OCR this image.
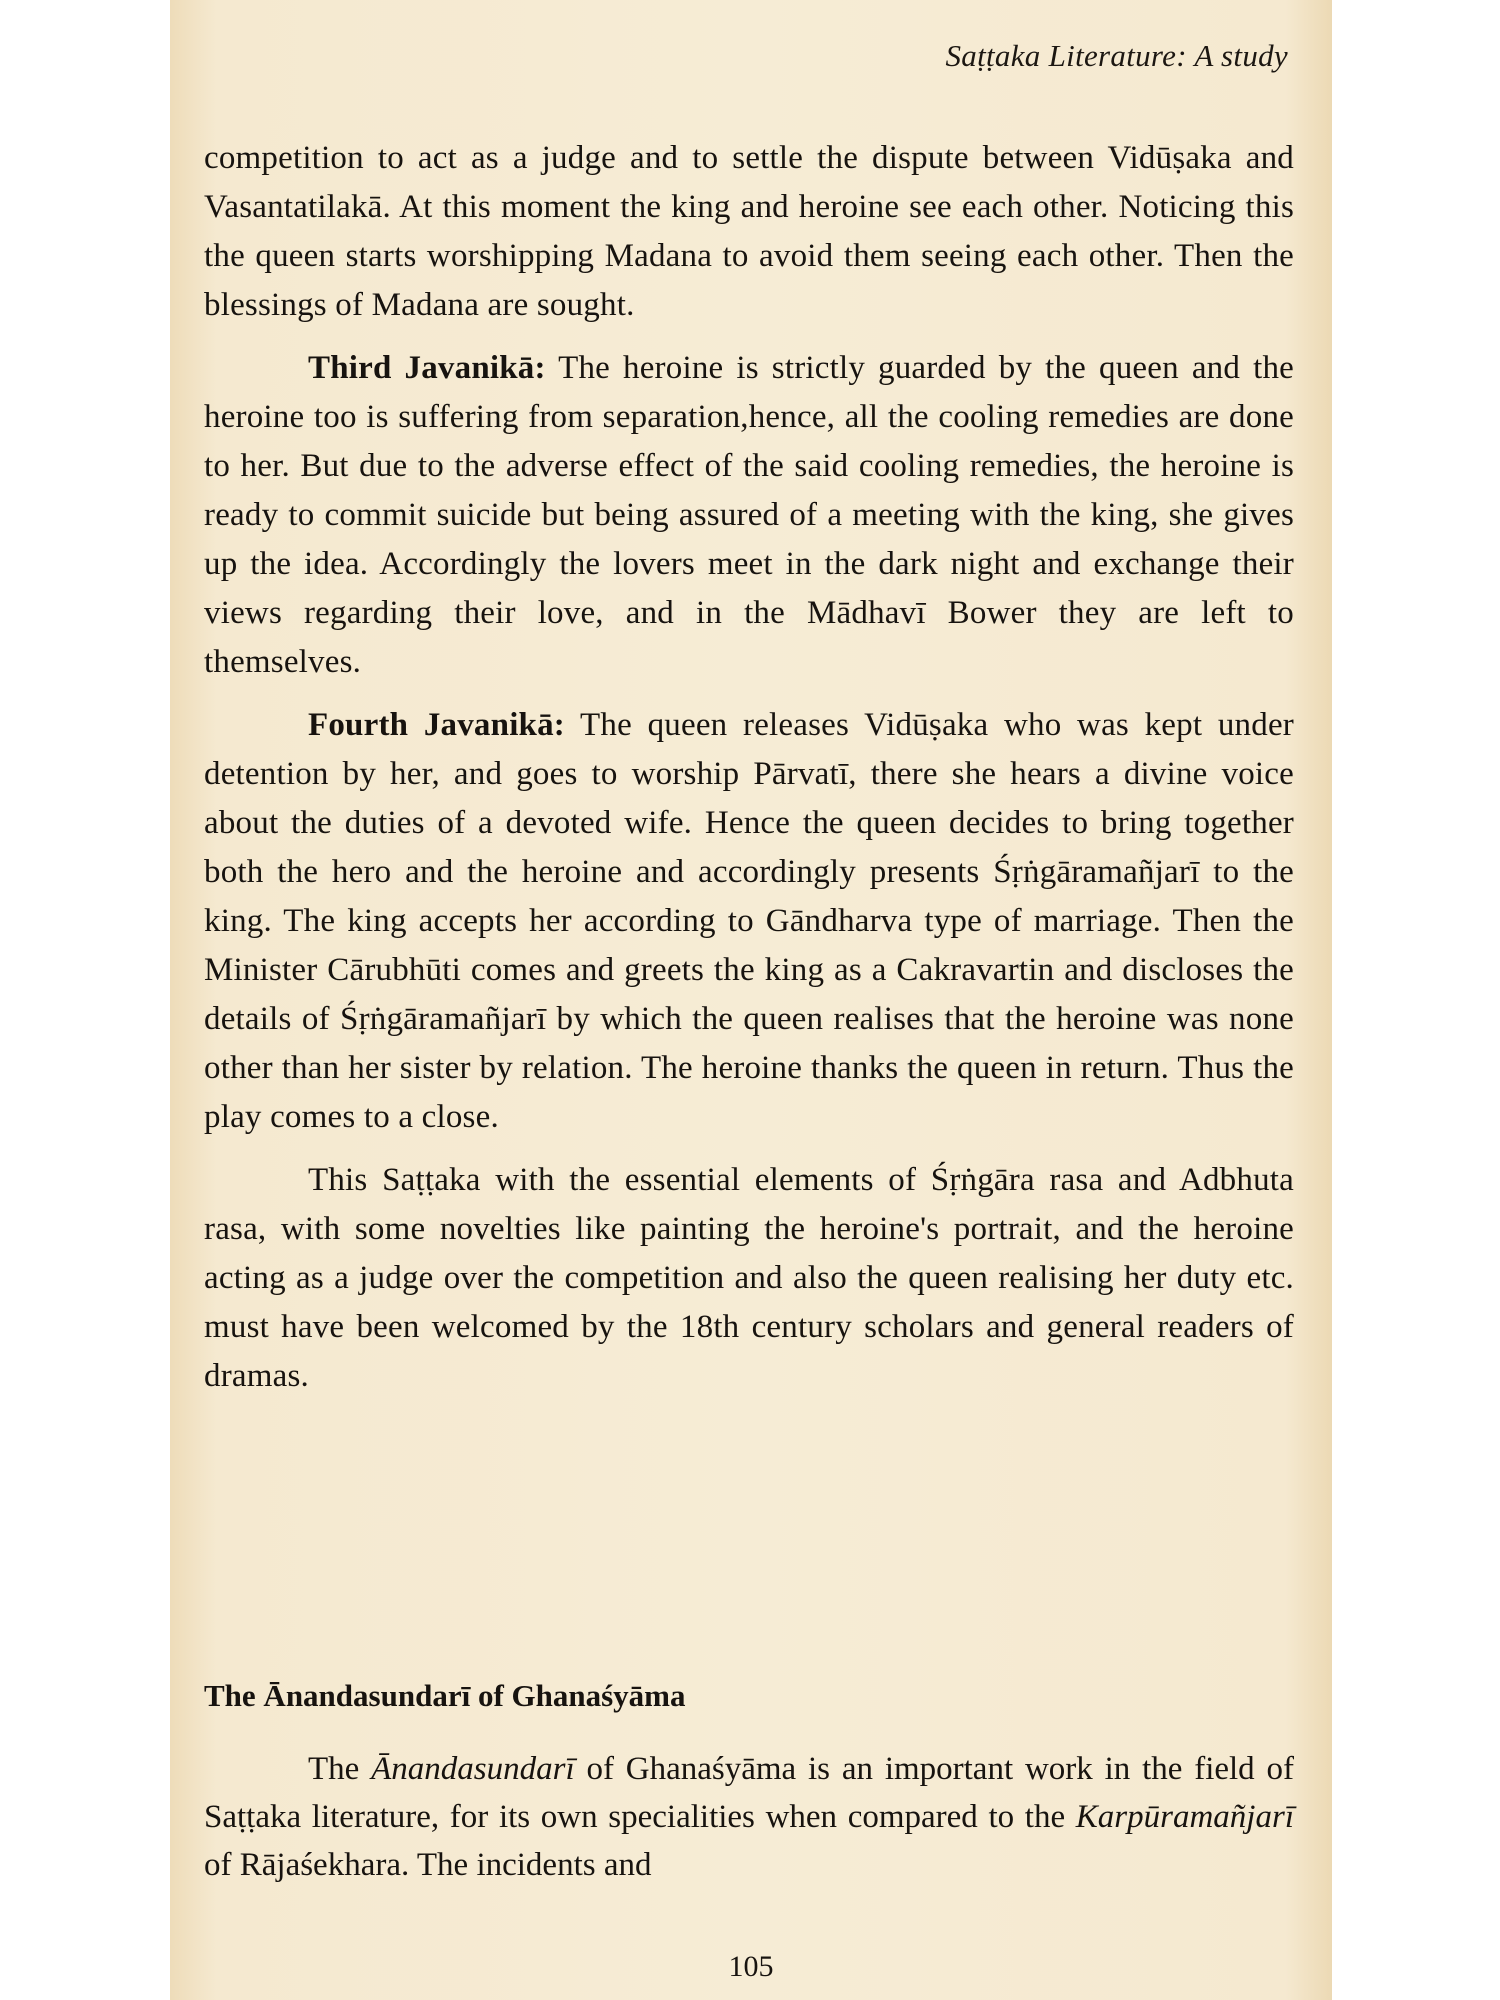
Saṭṭaka Literature: A study

competition to act as a judge and to settle the dispute between Vidūṣaka and Vasantatilakā. At this moment the king and heroine see each other. Noticing this the queen starts worshipping Madana to avoid them seeing each other. Then the blessings of Madana are sought.

Third Javanikā: The heroine is strictly guarded by the queen and the heroine too is suffering from separation,hence, all the cooling remedies are done to her. But due to the adverse effect of the said cooling remedies, the heroine is ready to commit suicide but being assured of a meeting with the king, she gives up the idea. Accordingly the lovers meet in the dark night and exchange their views regarding their love, and in the Mādhavī Bower they are left to themselves.

Fourth Javanikā: The queen releases Vidūṣaka who was kept under detention by her, and goes to worship Pārvatī, there she hears a divine voice about the duties of a devoted wife. Hence the queen decides to bring together both the hero and the heroine and accordingly presents Śṛṅgāramañjarī to the king. The king accepts her according to Gāndharva type of marriage. Then the Minister Cārubhūti comes and greets the king as a Cakravartin and discloses the details of Śṛṅgāramañjarī by which the queen realises that the heroine was none other than her sister by relation. The heroine thanks the queen in return. Thus the play comes to a close.

This Saṭṭaka with the essential elements of Śṛṅgāra rasa and Adbhuta rasa, with some novelties like painting the heroine's portrait, and the heroine acting as a judge over the competition and also the queen realising her duty etc. must have been welcomed by the 18th century scholars and general readers of dramas.

The Ānandasundarī of Ghanaśyāma

The Ānandasundarī of Ghanaśyāma is an important work in the field of Saṭṭaka literature, for its own specialities when compared to the Karpūramañjarī of Rājaśekhara. The incidents and

105
